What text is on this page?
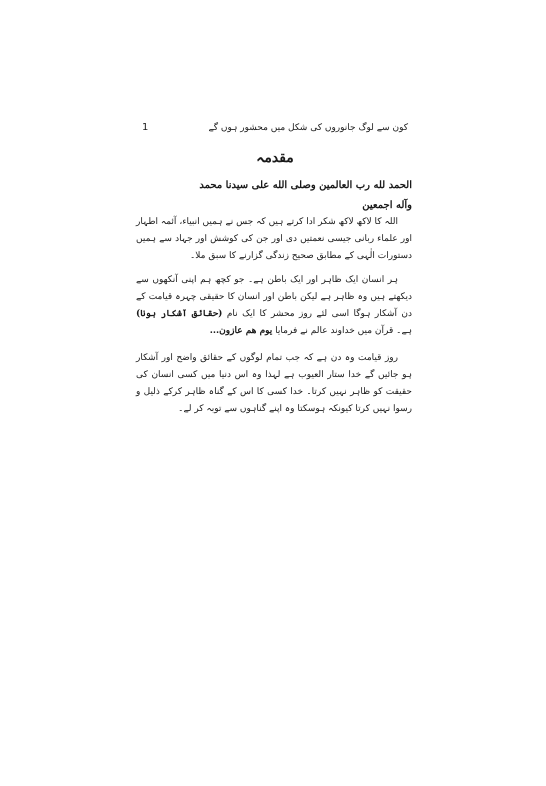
1	کون سے لوگ جانوروں کی شکل میں محشور ہوں گے
مقدمہ
الحمد لله رب العالمین وصلى الله على سيدنا محمد
وآله اجمعين

اللہ کا لاکھ لاکھ شکر ادا کرتے ہیں کہ جس نے ہمیں انبیاء، آئمہ اطہار اور علماء ربانی جیسی نعمتیں دی اور جن کی کوشش اور جہاد سے ہمیں دستورات الٰہی کے مطابق صحیح زندگی گزارنے کا سبق ملا۔

ہر انسان ایک ظاہر اور ایک باطن ہے۔ جو کچھ ہم اپنی آنکھوں سے دیکھتے ہیں وہ ظاہر ہے لیکن باطن اور انسان کا حقیقی چہرہ قیامت کے دن آشکار ہوگا اسی لئے روز محشر کا ایک نام (حقائق آشکار ہونا) ہے۔ قرآن میں خداوند عالم نے فرمایا یوم هم عازون...

روز قیامت وہ دن ہے کہ جب تمام لوگوں کے حقائق واضح اور آشکار ہو جائیں گے خدا ستار العیوب ہے لہذا وہ اس دنیا میں کسی انسان کی حقیقت کو ظاہر نہیں کرتا۔ خدا کسی کا اس کے گناہ ظاہر کرکے ذلیل و رسوا نہیں کرتا کیونکہ ہوسکتا وہ اپنے گناہوں سے توبہ کر لے۔
